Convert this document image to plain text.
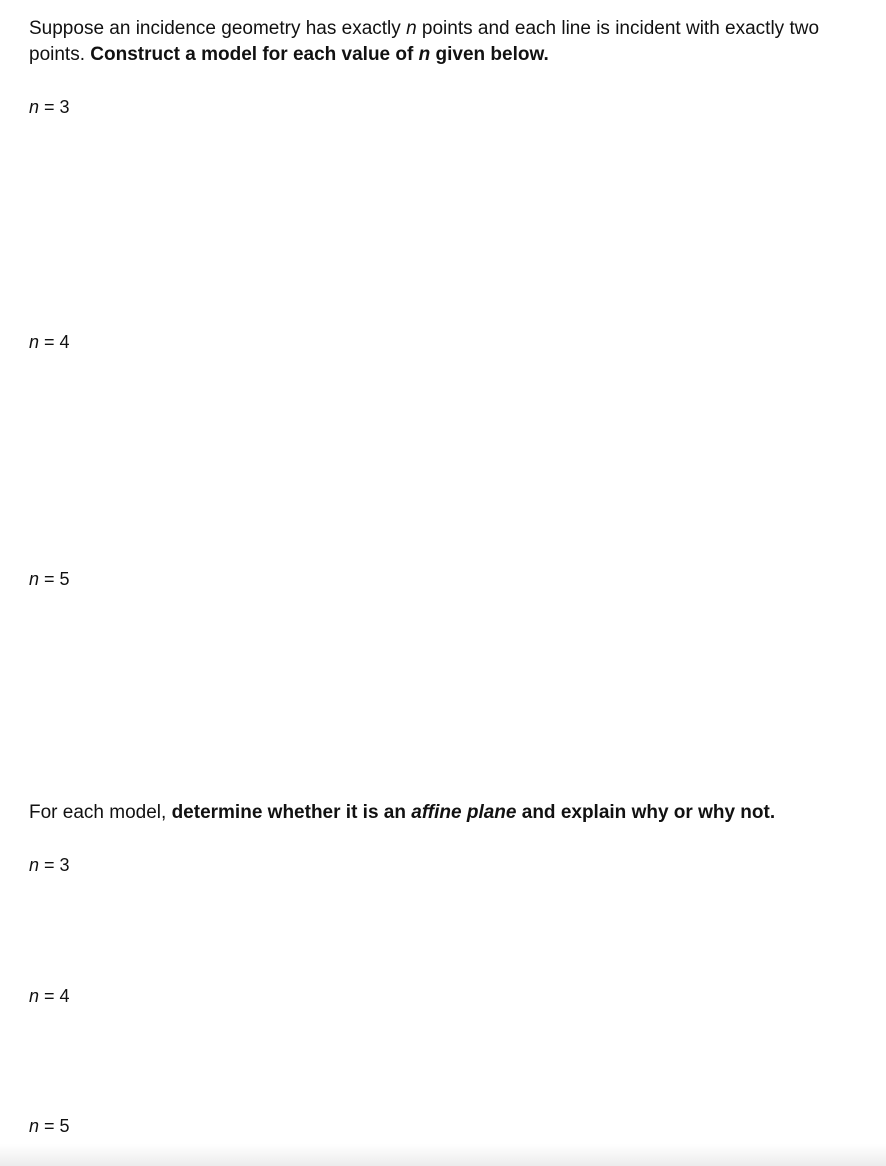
Suppose an incidence geometry has exactly n points and each line is incident with exactly two
points. Construct a model for each value of n given below.
n = 3
n = 4
n = 5
For each model, determine whether it is an affine plane and explain why or why not.
n = 3
n = 4
n = 5
